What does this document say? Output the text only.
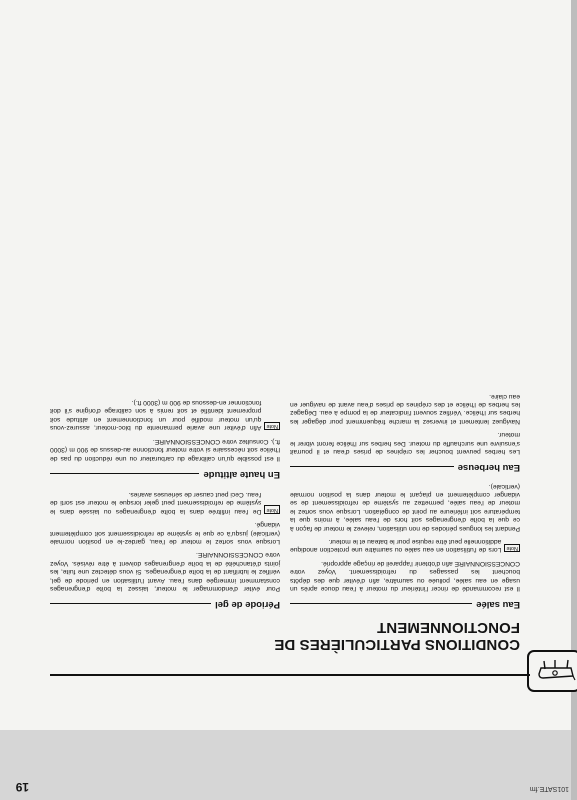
101SATE.fm
19
CONDITIONS PARTICULIÈRES DE
FONCTIONNEMENT
Eau salée

Il est recommandé de rincer l'intérieur du moteur à l'eau douce après un usage en eau salée, polluée ou saumâtre, afin d'éviter que des dépôts bouchent les passages du refroidissement. Voyez votre CONCESSIONNAIRE afin d'obtenir l'appareil de rinçage approprié.

Note
Lors de l'utilisation en eau salée ou saumâtre une protection anodique additionnelle peut être requise pour le bateau et le moteur.

Pendant les longues périodes de non utilisation, relevez le moteur de façon à ce que la boîte d'engrenages soit hors de l'eau salée, à moins que la température soit inférieure au point de congélation. Lorsque vous sortez le moteur de l'eau salée, permettez au système de refroidissement de se vidanger complètement en plaçant le moteur dans la position normale (verticale).

Eau herbeuse

Les herbes peuvent boucher les crépines de prises d'eau et il pourrait s'ensuivre une surchauffe du moteur. Des herbes sur l'hélice feront vibrer le moteur.

Naviguez lentement et inversez la marche fréquemment pour dégager les herbes sur l'hélice. Vérifiez souvent l'indicateur de la pompe à eau. Dégagez les herbes de l'hélice et des crépines de prises d'eau avant de naviguer en eau claire.

Période de gel

Pour éviter d'endommager le moteur, laissez la boîte d'engrenages constamment immergée dans l'eau. Avant l'utilisation en période de gel, vérifiez le lubrifiant de la boîte d'engrenages. Si vous détectez une fuite, les joints d'étanchéité de la boîte d'engrenages doivent à être révisés. Voyez votre CONCESSIONNAIRE.

Lorsque vous sortez le moteur de l'eau, gardez-le en position normale (verticale) jusqu'à ce que le système de refroidissement soit complètement vidangé.

Note
De l'eau infiltrée dans la boîte d'engrenages ou laissée dans le système de refroidissement peut geler lorsque le moteur est sorti de l'eau. Ceci peut causer de sérieuses avaries.
En haute altitude

Il est possible qu'un calibrage du carburateur ou une réduction du pas de l'hélice soit nécessaire si votre moteur fonctionne au-dessus de 900 m (3000 ft.). Consultez votre CONCESSIONNAIRE.

Note
Afin d'éviter une avarie permanente du bloc-moteur, assurez-vous qu'un moteur modifié pour un fonctionnement en altitude soit proprement identifié et soit remis à son calibrage d'origine s'il doit fonctionner en-dessous de 900 m (3000 ft.).
